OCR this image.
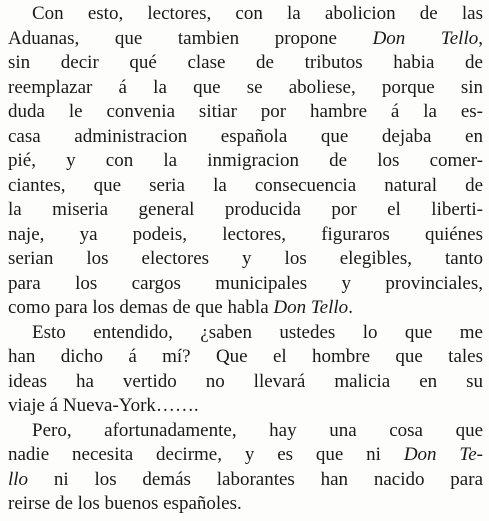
Con esto, lectores, con la abolicion de las
Aduanas, que tambien propone Don Tello,
sin decir qué clase de tributos habia de
reemplazar á la que se aboliese, porque sin
duda le convenia sitiar por hambre á la es-
casa administracion española que dejaba en
pié, y con la inmigracion de los comer-
ciantes, que seria la consecuencia natural de
la miseria general producida por el liberti-
naje, ya podeis, lectores, figuraros quiénes
serian los electores y los elegibles, tanto
para los cargos municipales y provinciales,
como para los demas de que habla Don Tello.
Esto entendido, ¿saben ustedes lo que me
han dicho á mí? Que el hombre que tales
ideas ha vertido no llevará malicia en su
viaje á Nueva-York…….
Pero, afortunadamente, hay una cosa que
nadie necesita decirme, y es que ni Don Te-
llo ni los demás laborantes han nacido para
reirse de los buenos españoles.
